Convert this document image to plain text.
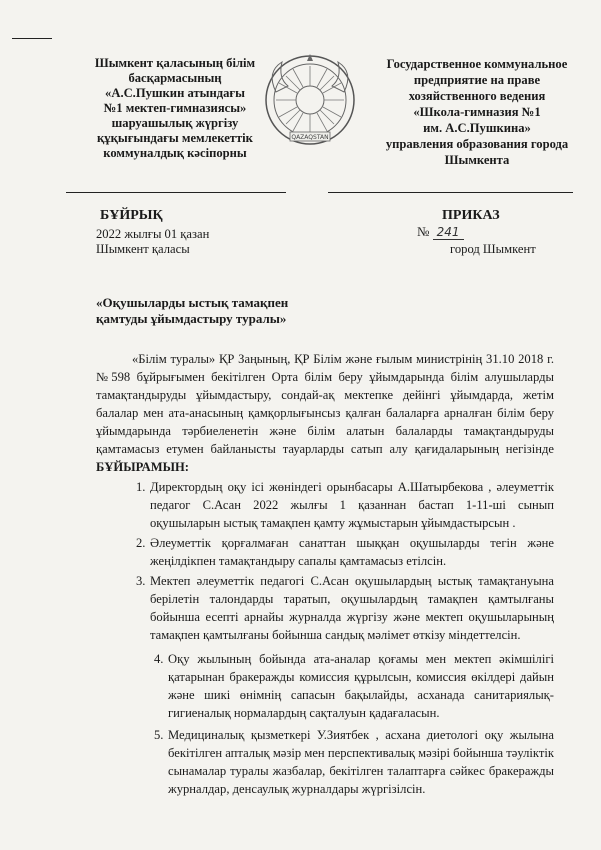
Шымкент қаласының білім
басқармасының
«А.С.Пушкин атындағы
№1 мектеп-гимназиясы»
шаруашылық жүргізу
құқығындағы мемлекеттік
коммуналдық кәсіпорны
QAZAQSTAN
Государственное коммунальное
предприятие на праве
хозяйственного ведения
«Школа-гимназия №1
им. А.С.Пушкина»
управления образования города
Шымкента
БҰЙРЫҚ	ПРИКАЗ
2022 жылғы 01 қазан	№ 241
Шымкент қаласы	город Шымкент
«Оқушыларды ыстық тамақпен
қамтуды ұйымдастыру туралы»

«Білім туралы» ҚР Заңының, ҚР Білім және ғылым министрінің 31.10 2018 г.№598 бұйрығымен бекітілген Орта білім беру ұйымдарында білім алушыларды тамақтандыруды ұйымдастыру, сондай-ақ мектепке дейінгі ұйымдарда, жетім балалар мен ата-анасының қамқорлығынсыз қалған балаларға арналған білім беру ұйымдарында тәрбиеленетін және білім алатын балаларды тамақтандыруды қамтамасыз етумен байланысты тауарларды сатып алу қағидаларының негізінде БҰЙЫРАМЫН:

1. Директордың оқу ісі жөніндегі орынбасары А.Шатырбекова , әлеуметтік педагог С.Асан 2022 жылғы 1 қазаннан бастап 1-11-ші сынып оқушыларын ыстық тамақпен қамту жұмыстарын ұйымдастырсын .
2. Әлеуметтік қорғалмаған санаттан шыққан оқушыларды тегін және жеңілдікпен тамақтандыру сапалы қамтамасыз етілсін.
3. Мектеп әлеуметтік педагогі С.Асан оқушылардың ыстық тамақтануына берілетін талондарды таратып, оқушылардың тамақпен қамтылғаны бойынша есепті арнайы журналда жүргізу және мектеп оқушыларының тамақпен қамтылғаны бойынша сандық мәлімет өткізу міндеттелсін.
4. Оқу жылының бойында ата-аналар қоғамы мен мектеп әкімшілігі қатарынан бракеражды комиссия құрылсын, комиссия өкілдері дайын және шикі өнімнің сапасын бақылайды, асханада санитариялық-гигиеналық нормалардың сақталуын қадағаласын.
5. Медициналық қызметкері У.Зиятбек , асхана диетологі оқу жылына бекітілген апталық мәзір мен перспективалық мәзірі бойынша тәуліктік сынамалар туралы жазбалар, бекітілген талаптарға сәйкес бракеражды журналдар, денсаулық журналдары жүргізілсін.
